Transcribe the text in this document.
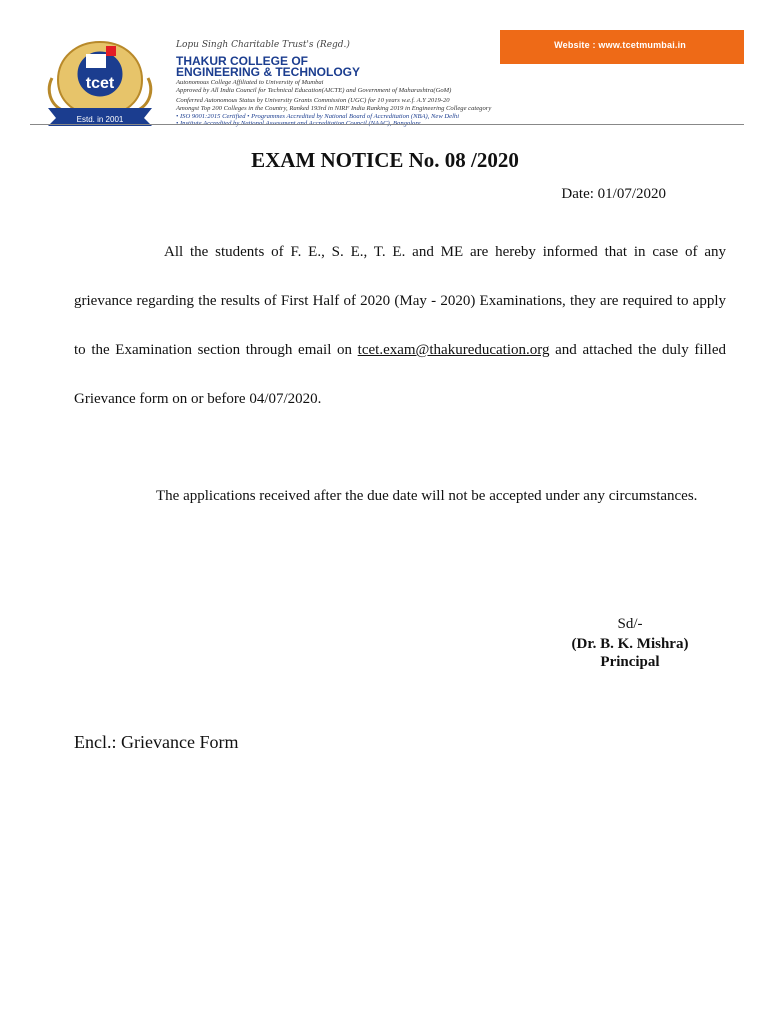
Website : www.tcetmumbai.in
tcet
Estd. in 2001
Lopu Singh Charitable Trust's (Regd.)
THAKUR COLLEGE OF
ENGINEERING & TECHNOLOGY
Autonomous College Affiliated to University of Mumbai
Approved by All India Council for Technical Education(AICTE) and Government of Maharashtra(GoM)
Conferred Autonomous Status by University Grants Commission (UGC) for 10 years w.e.f. A.Y 2019-20
Amongst Top 200 Colleges in the Country, Ranked 193rd in NIRF India Ranking 2019 in Engineering College category
• ISO 9001:2015 Certified • Programmes Accredited by National Board of Accreditation (NBA), New Delhi
EXAM NOTICE No. 08 /2020
Date: 01/07/2020
All the students of F. E., S. E., T. E. and ME are hereby informed that in case of any grievance regarding the results of First Half of 2020 (May - 2020) Examinations, they are required to apply to the Examination section through email on tcet.exam@thakureducation.org and attached the duly filled Grievance form on or before 04/07/2020.
The applications received after the due date will not be accepted under any circumstances.
Sd/-
(Dr. B. K. Mishra)
Principal
Encl.: Grievance Form
